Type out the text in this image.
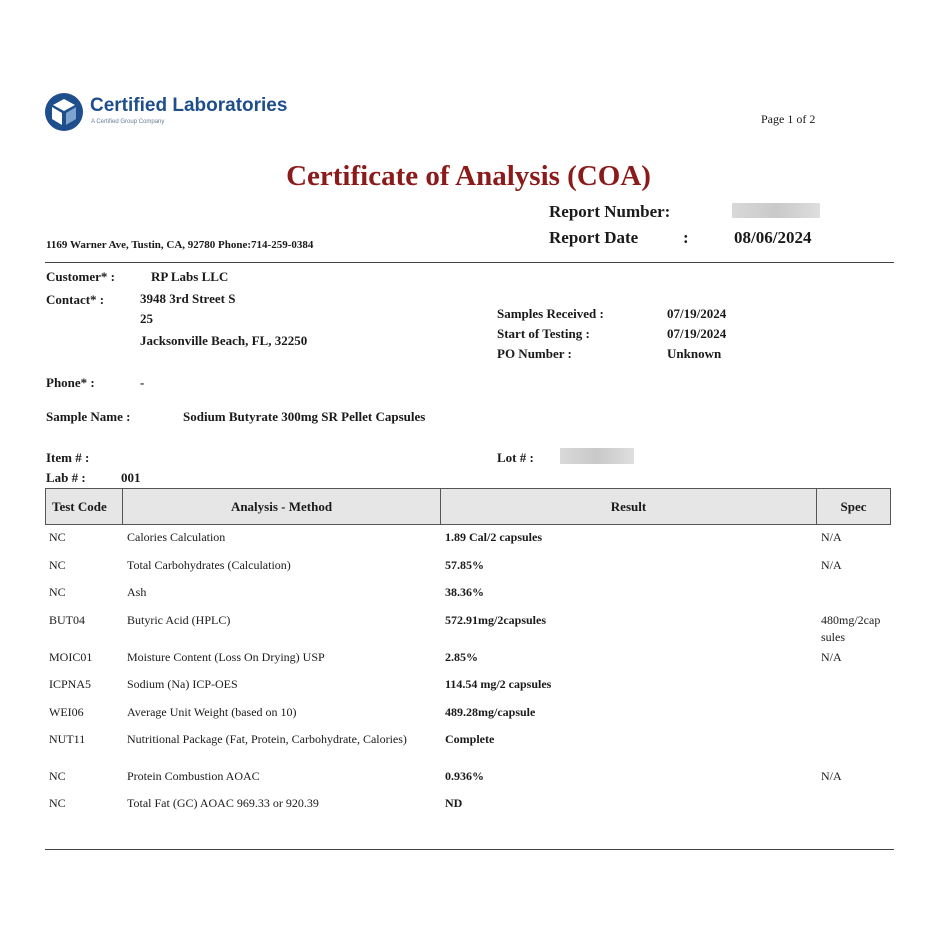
Certified Laboratories
A Certified Group Company	Page 1 of 2
Certificate of Analysis (COA)
Report Number:
Report Date	:	08/06/2024
1169 Warner Ave, Tustin, CA, 92780 Phone:714-259-0384
Customer* :	RP Labs LLC
Contact* :	3948 3rd Street S
25
Jacksonville Beach, FL, 32250
Samples Received :	07/19/2024
Start of Testing :	07/19/2024
PO Number :	Unknown
Phone* :	-
Sample Name :	Sodium Butyrate 300mg SR Pellet Capsules
Item # :	Lot # :
Lab # :	001
Test Code	Analysis - Method	Result	Spec
NC	Calories Calculation	1.89 Cal/2 capsules	N/A
NC	Total Carbohydrates (Calculation)	57.85%	N/A
NC	Ash	38.36%
BUT04	Butyric Acid (HPLC)	572.91mg/2capsules	480mg/2cap sules
MOIC01	Moisture Content (Loss On Drying) USP	2.85%	N/A
ICPNA5	Sodium (Na) ICP-OES	114.54 mg/2 capsules
WEI06	Average Unit Weight (based on 10)	489.28mg/capsule
NUT11	Nutritional Package (Fat, Protein, Carbohydrate, Calories)	Complete
NC	Protein Combustion AOAC	0.936%	N/A
NC	Total Fat (GC) AOAC 969.33 or 920.39	ND
